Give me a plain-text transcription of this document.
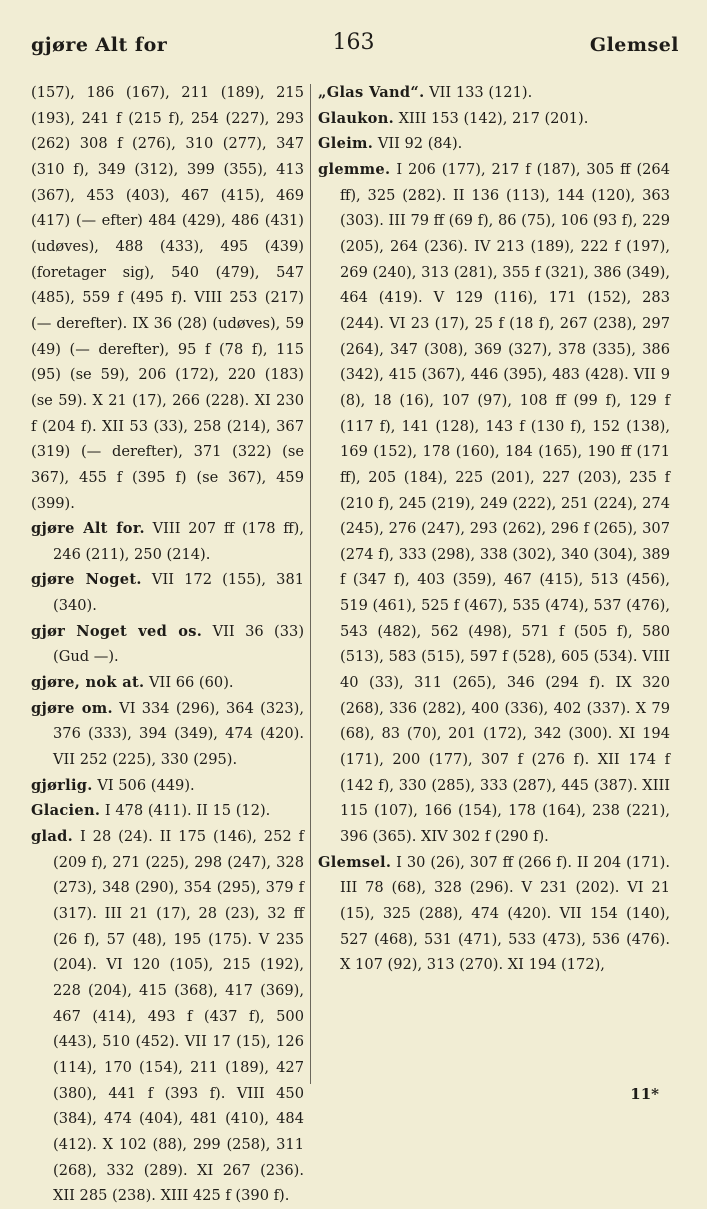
gjøre Alt for	163	Glemsel

(157), 186 (167), 211 (189), 215 (193), 241 f (215 f), 254 (227), 293 (262) 308 f (276), 310 (277), 347 (310 f), 349 (312), 399 (355), 413 (367), 453 (403), 467 (415), 469 (417) (— efter) 484 (429), 486 (431) (udøves), 488 (433), 495 (439) (foretager sig), 540 (479), 547 (485), 559 f (495 f). VIII 253 (217) (— derefter). IX 36 (28) (udøves), 59 (49) (— derefter), 95 f (78 f), 115 (95) (se 59), 206 (172), 220 (183) (se 59). X 21 (17), 266 (228). XI 230 f (204 f). XII 53 (33), 258 (214), 367 (319) (— derefter), 371 (322) (se 367), 455 f (395 f) (se 367), 459 (399).

gjøre Alt for. VIII 207 ff (178 ff), 246 (211), 250 (214).

gjøre Noget. VII 172 (155), 381 (340).

gjør Noget ved os. VII 36 (33) (Gud —).

gjøre, nok at. VII 66 (60).

gjøre om. VI 334 (296), 364 (323), 376 (333), 394 (349), 474 (420). VII 252 (225), 330 (295).

gjørlig. VI 506 (449).

Glacien. I 478 (411). II 15 (12).

glad. I 28 (24). II 175 (146), 252 f (209 f), 271 (225), 298 (247), 328 (273), 348 (290), 354 (295), 379 f (317). III 21 (17), 28 (23), 32 ff (26 f), 57 (48), 195 (175). V 235 (204). VI 120 (105), 215 (192), 228 (204), 415 (368), 417 (369), 467 (414), 493 f (437 f), 500 (443), 510 (452). VII 17 (15), 126 (114), 170 (154), 211 (189), 427 (380), 441 f (393 f). VIII 450 (384), 474 (404), 481 (410), 484 (412). X 102 (88), 299 (258), 311 (268), 332 (289). XI 267 (236). XII 285 (238). XIII 425 f (390 f).

„Glas Vand“. VII 133 (121).

Glaukon. XIII 153 (142), 217 (201).

Gleim. VII 92 (84).

glemme. I 206 (177), 217 f (187), 305 ff (264 ff), 325 (282). II 136 (113), 144 (120), 363 (303). III 79 ff (69 f), 86 (75), 106 (93 f), 229 (205), 264 (236). IV 213 (189), 222 f (197), 269 (240), 313 (281), 355 f (321), 386 (349), 464 (419). V 129 (116), 171 (152), 283 (244). VI 23 (17), 25 f (18 f), 267 (238), 297 (264), 347 (308), 369 (327), 378 (335), 386 (342), 415 (367), 446 (395), 483 (428). VII 9 (8), 18 (16), 107 (97), 108 ff (99 f), 129 f (117 f), 141 (128), 143 f (130 f), 152 (138), 169 (152), 178 (160), 184 (165), 190 ff (171 ff), 205 (184), 225 (201), 227 (203), 235 f (210 f), 245 (219), 249 (222), 251 (224), 274 (245), 276 (247), 293 (262), 296 f (265), 307 (274 f), 333 (298), 338 (302), 340 (304), 389 f (347 f), 403 (359), 467 (415), 513 (456), 519 (461), 525 f (467), 535 (474), 537 (476), 543 (482), 562 (498), 571 f (505 f), 580 (513), 583 (515), 597 f (528), 605 (534). VIII 40 (33), 311 (265), 346 (294 f). IX 320 (268), 336 (282), 400 (336), 402 (337). X 79 (68), 83 (70), 201 (172), 342 (300). XI 194 (171), 200 (177), 307 f (276 f). XII 174 f (142 f), 330 (285), 333 (287), 445 (387). XIII 115 (107), 166 (154), 178 (164), 238 (221), 396 (365). XIV 302 f (290 f).

Glemsel. I 30 (26), 307 ff (266 f). II 204 (171). III 78 (68), 328 (296). V 231 (202). VI 21 (15), 325 (288), 474 (420). VII 154 (140), 527 (468), 531 (471), 533 (473), 536 (476). X 107 (92), 313 (270). XI 194 (172),

11*
